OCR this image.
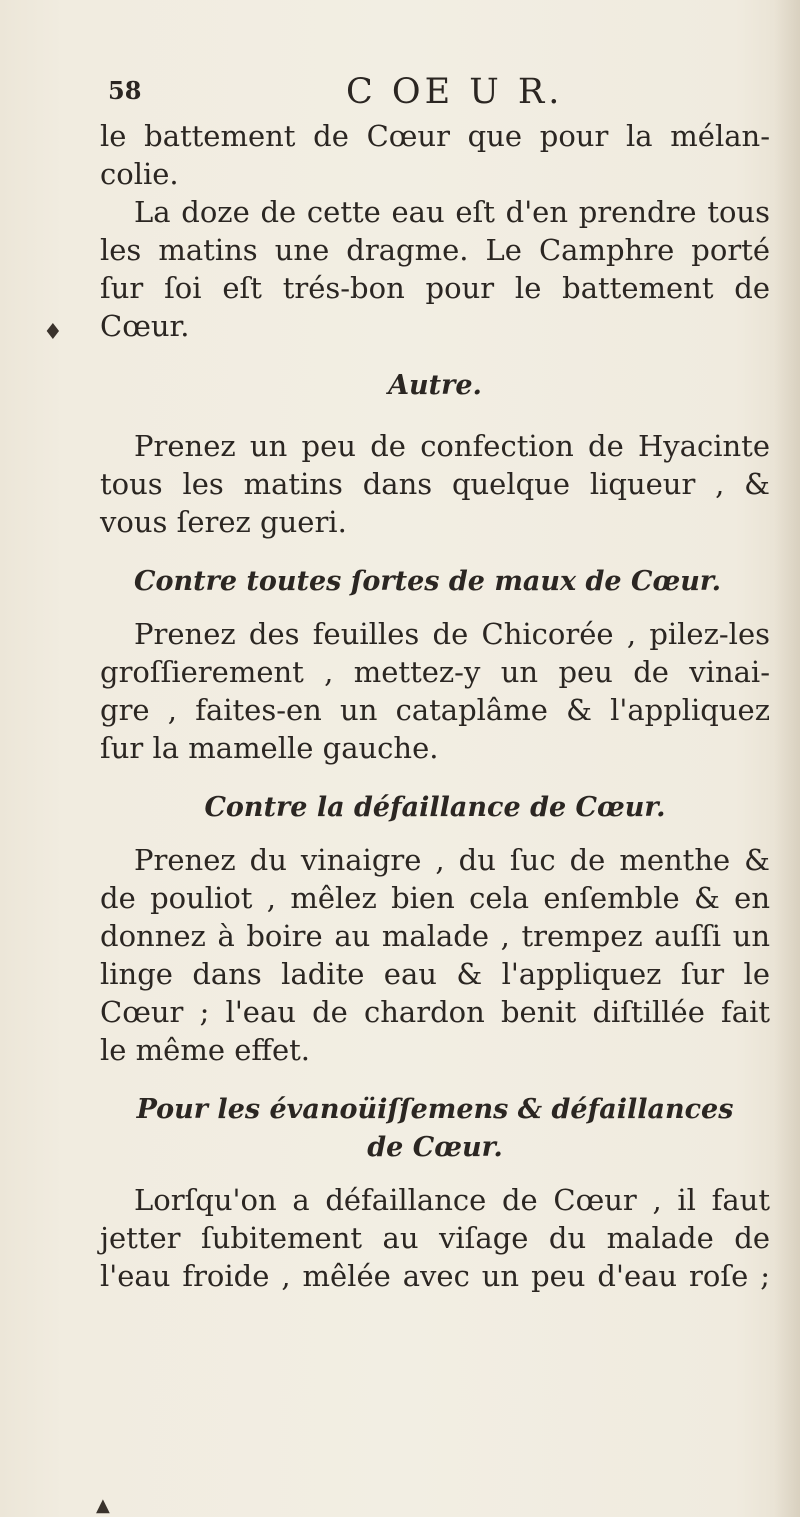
58	C OE U R.
♦
le battement de Cœur que pour la mélan-
colie.
La doze de cette eau eſt d'en prendre tous
les matins une dragme. Le Camphre porté
ſur ſoi eſt trés-bon pour le battement de
Cœur.
Autre.
Prenez un peu de confection de Hyacinte
tous les matins dans quelque liqueur , &
vous ſerez gueri.
Contre toutes ſortes de maux de Cœur.
Prenez des feuilles de Chicorée , pilez-les
groſſierement , mettez-y un peu de vinai-
gre , faites-en un cataplâme & l'appliquez
ſur la mamelle gauche.
Contre la défaillance de Cœur.
Prenez du vinaigre , du ſuc de menthe &
de pouliot , mêlez bien cela enſemble & en
donnez à boire au malade , trempez auſſi un
linge dans ladite eau & l'appliquez ſur le
Cœur ; l'eau de chardon benit diſtillée fait
le même effet.
Pour les évanoüiſſemens & défaillances
de Cœur.
Lorſqu'on a défaillance de Cœur , il faut
jetter ſubitement au viſage du malade de
l'eau froide , mêlée avec un peu d'eau roſe ;
▲
